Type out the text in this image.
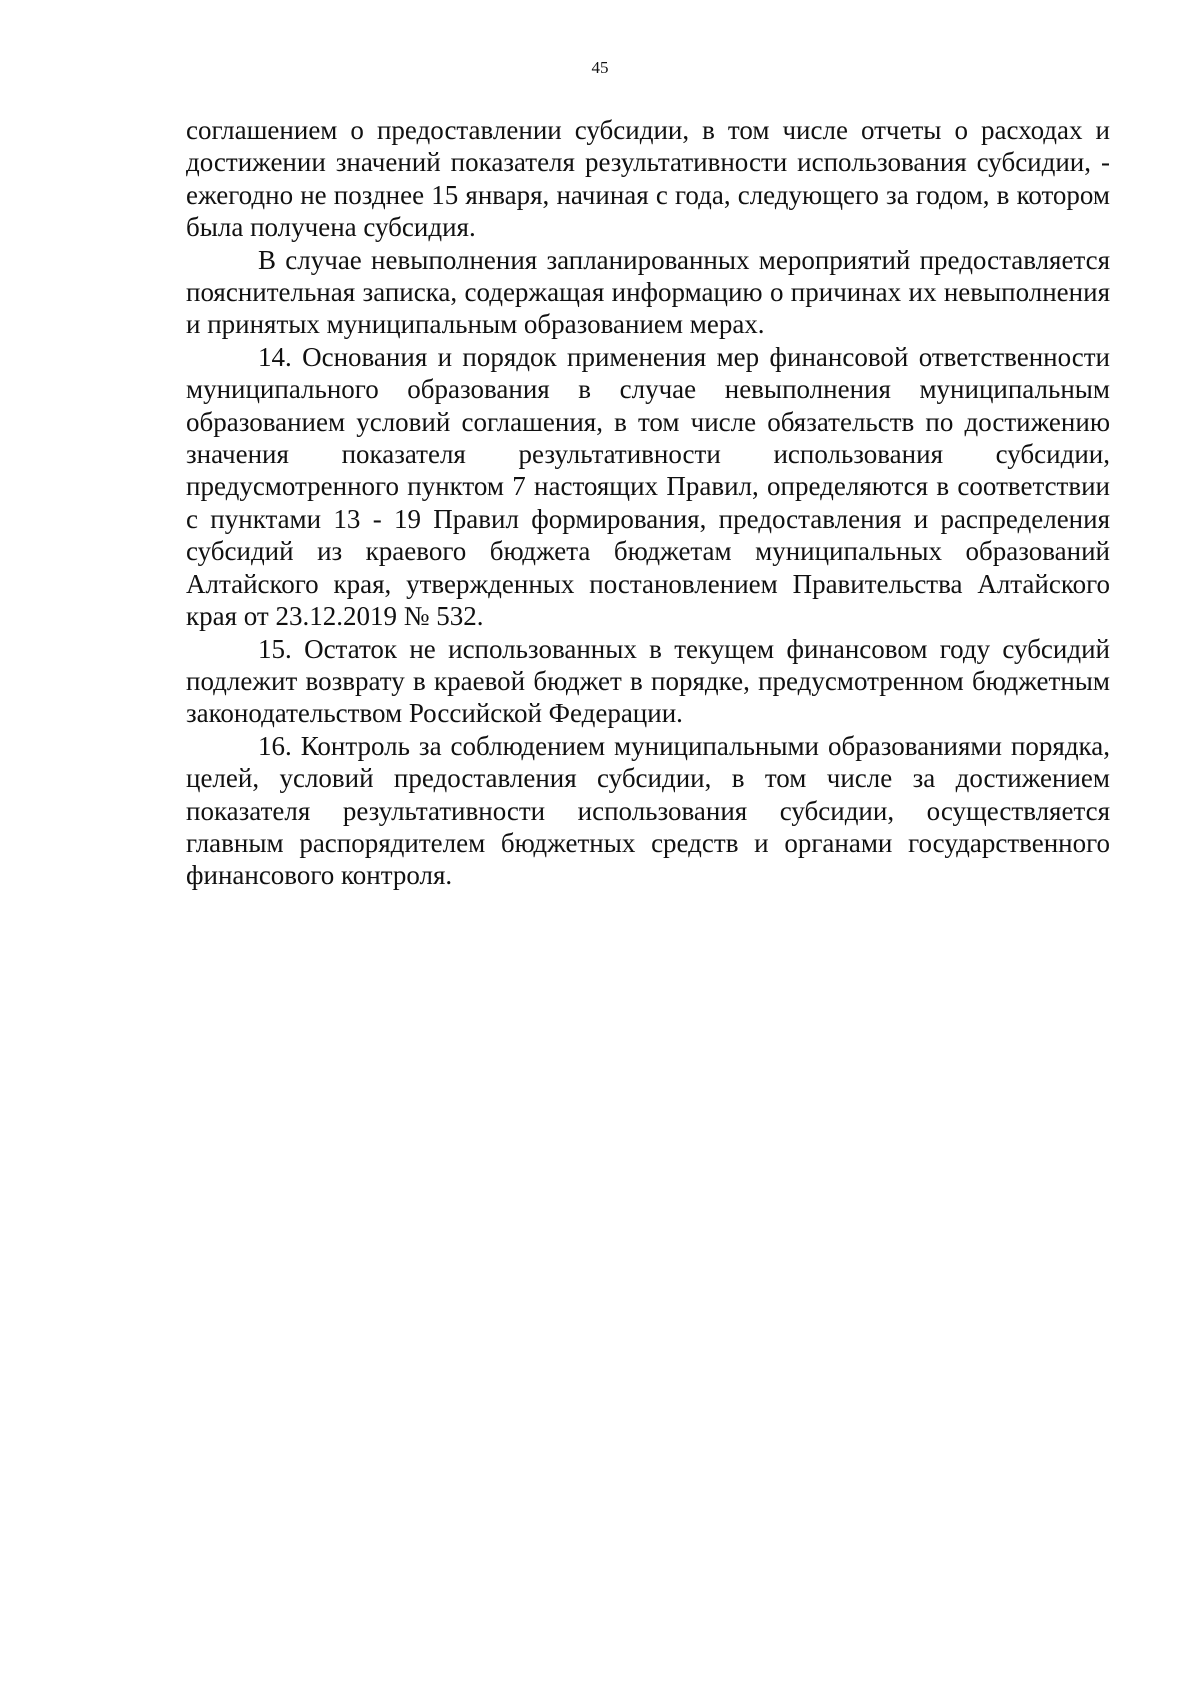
45

соглашением о предоставлении субсидии, в том числе отчеты о расходах и достижении значений показателя результативности использования субсидии, - ежегодно не позднее 15 января, начиная с года, следующего за годом, в котором была получена субсидия.

В случае невыполнения запланированных мероприятий предоставляется пояснительная записка, содержащая информацию о причинах их невыполнения и принятых муниципальным образованием мерах.

14. Основания и порядок применения мер финансовой ответственности муниципального образования в случае невыполнения муниципальным образованием условий соглашения, в том числе обязательств по достижению значения показателя результативности использования субсидии, предусмотренного пунктом 7 настоящих Правил, определяются в соответствии с пунктами 13 - 19 Правил формирования, предоставления и распределения субсидий из краевого бюджета бюджетам муниципальных образований Алтайского края, утвержденных постановлением Правительства Алтайского края от 23.12.2019 № 532.

15. Остаток не использованных в текущем финансовом году субсидий подлежит возврату в краевой бюджет в порядке, предусмотренном бюджетным законодательством Российской Федерации.

16. Контроль за соблюдением муниципальными образованиями порядка, целей, условий предоставления субсидии, в том числе за достижением показателя результативности использования субсидии, осуществляется главным распорядителем бюджетных средств и органами государственного финансового контроля.
